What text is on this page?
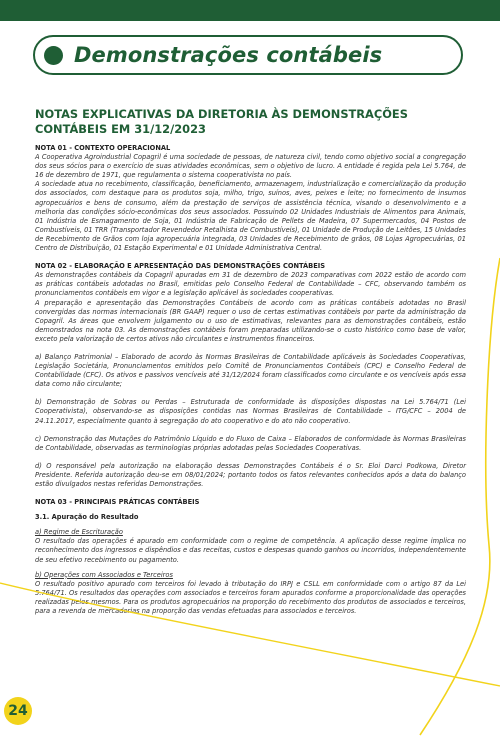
Demonstrações contábeis
NOTAS EXPLICATIVAS DA DIRETORIA ÀS DEMONSTRAÇÕES CONTÁBEIS EM 31/12/2023

NOTA 01 - CONTEXTO OPERACIONAL

A Cooperativa Agroindustrial Copagril é uma sociedade de pessoas, de natureza civil, tendo como objetivo social a congregação dos seus sócios para o exercício de suas atividades econômicas, sem o objetivo de lucro. A entidade é regida pela Lei 5.764, de 16 de dezembro de 1971, que regulamenta o sistema cooperativista no país.

A sociedade atua no recebimento, classificação, beneficiamento, armazenagem, industrialização e comercialização da produção dos associados, com destaque para os produtos soja, milho, trigo, suínos, aves, peixes e leite; no fornecimento de insumos agropecuários e bens de consumo, além da prestação de serviços de assistência técnica, visando o desenvolvimento e a melhoria das condições sócio-econômicas dos seus associados. Possuindo 02 Unidades Industriais de Alimentos para Animais, 01 Indústria de Esmagamento de Soja, 01 Indústria de Fabricação de Pellets de Madeira, 07 Supermercados, 04 Postos de Combustíveis, 01 TRR (Transportador Revendedor Retalhista de Combustíveis), 01 Unidade de Produção de Leitões, 15 Unidades de Recebimento de Grãos com loja agropecuária integrada, 03 Unidades de Recebimento de grãos, 08 Lojas Agropecuárias, 01 Centro de Distribuição, 01 Estação Experimental e 01 Unidade Administrativa Central.

NOTA 02 - ELABORAÇÃO E APRESENTAÇÃO DAS DEMONSTRAÇÕES CONTÁBEIS

As demonstrações contábeis da Copagril apuradas em 31 de dezembro de 2023 comparativas com 2022 estão de acordo com as práticas contábeis adotadas no Brasil, emitidas pelo Conselho Federal de Contabilidade – CFC, observando também os pronunciamentos contábeis em vigor e a legislação aplicável às sociedades cooperativas.

A preparação e apresentação das Demonstrações Contábeis de acordo com as práticas contábeis adotadas no Brasil convergidas das normas internacionais (BR GAAP) requer o uso de certas estimativas contábeis por parte da administração da Copagril. As áreas que envolvem julgamento ou o uso de estimativas, relevantes para as demonstrações contábeis, estão demonstrados na nota 03. As demonstrações contábeis foram preparadas utilizando-se o custo histórico como base de valor, exceto pela valorização de certos ativos não circulantes e instrumentos financeiros.

a) Balanço Patrimonial – Elaborado de acordo às Normas Brasileiras de Contabilidade aplicáveis às Sociedades Cooperativas, Legislação Societária, Pronunciamentos emitidos pelo Comitê de Pronunciamentos Contábeis (CPC) e Conselho Federal de Contabilidade (CFC). Os ativos e passivos vencíveis até 31/12/2024 foram classificados como circulante e os vencíveis após essa data como não circulante;

b) Demonstração de Sobras ou Perdas – Estruturada de conformidade às disposições dispostas na Lei 5.764/71 (Lei Cooperativista), observando-se as disposições contidas nas Normas Brasileiras de Contabilidade – ITG/CFC – 2004 de 24.11.2017, especialmente quanto à segregação do ato cooperativo e do ato não cooperativo.

c) Demonstração das Mutações do Patrimônio Líquido e do Fluxo de Caixa – Elaborados de conformidade às Normas Brasileiras de Contabilidade, observadas as terminologias próprias adotadas pelas Sociedades Cooperativas.

d) O responsável pela autorização na elaboração dessas Demonstrações Contábeis é o Sr. Eloi Darci Podkowa, Diretor Presidente. Referida autorização deu-se em 08/01/2024; portanto todos os fatos relevantes conhecidos após a data do balanço estão divulgados nestas referidas Demonstrações.

NOTA 03 - PRINCIPAIS PRÁTICAS CONTÁBEIS

3.1. Apuração do Resultado

a) Regime de Escrituração

O resultado das operações é apurado em conformidade com o regime de competência. A aplicação desse regime implica no reconhecimento dos ingressos e dispêndios e das receitas, custos e despesas quando ganhos ou incorridos, independentemente de seu efetivo recebimento ou pagamento.

b) Operações com Associados e Terceiros

O resultado positivo apurado com terceiros foi levado à tributação do IRPJ e CSLL em conformidade com o artigo 87 da Lei 5.764/71. Os resultados das operações com associados e terceiros foram apurados conforme a proporcionalidade das operações realizadas pelos mesmos. Para os produtos agropecuários na proporção do recebimento dos produtos de associados e terceiros, para a revenda de mercadorias na proporção das vendas efetuadas para associados e terceiros.

24
